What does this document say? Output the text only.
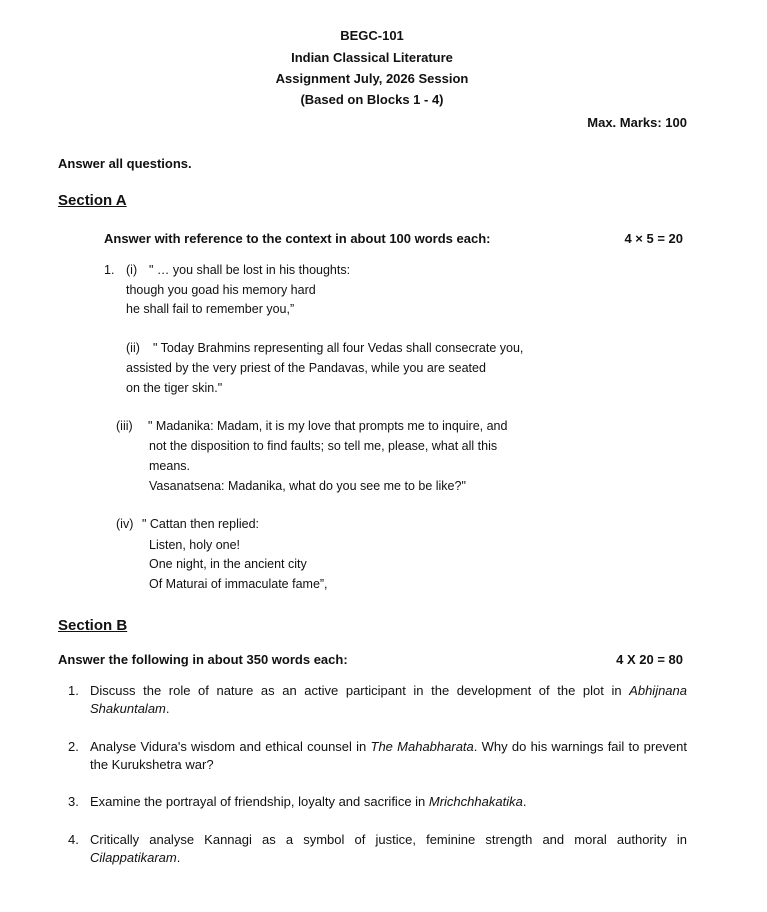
BEGC-101
Indian Classical Literature
Assignment July, 2026 Session
(Based on Blocks 1 - 4)
Max. Marks: 100
Answer all questions.
Section A
Answer with reference to the context in about 100 words each:	4 × 5 = 20
1. (i) " … you shall be lost in his thoughts:
though you goad his memory hard
he shall fail to remember you,”
(ii) " Today Brahmins representing all four Vedas shall consecrate you,
assisted by the very priest of the Pandavas, while you are seated
on the tiger skin."
(iii) " Madanika: Madam, it is my love that prompts me to inquire, and
not the disposition to find faults; so tell me, please, what all this
means.
Vasanatsena: Madanika, what do you see me to be like?"
(iv) " Cattan then replied:
Listen, holy one!
One night, in the ancient city
Of Maturai of immaculate fame”,
Section B
Answer the following in about 350 words each:	4 X 20 = 80
1. Discuss the role of nature as an active participant in the development of the plot in Abhijnana Shakuntalam.
2. Analyse Vidura's wisdom and ethical counsel in The Mahabharata. Why do his warnings fail to prevent the Kurukshetra war?
3. Examine the portrayal of friendship, loyalty and sacrifice in Mrichchhakatika.
4. Critically analyse Kannagi as a symbol of justice, feminine strength and moral authority in Cilappatikaram.
